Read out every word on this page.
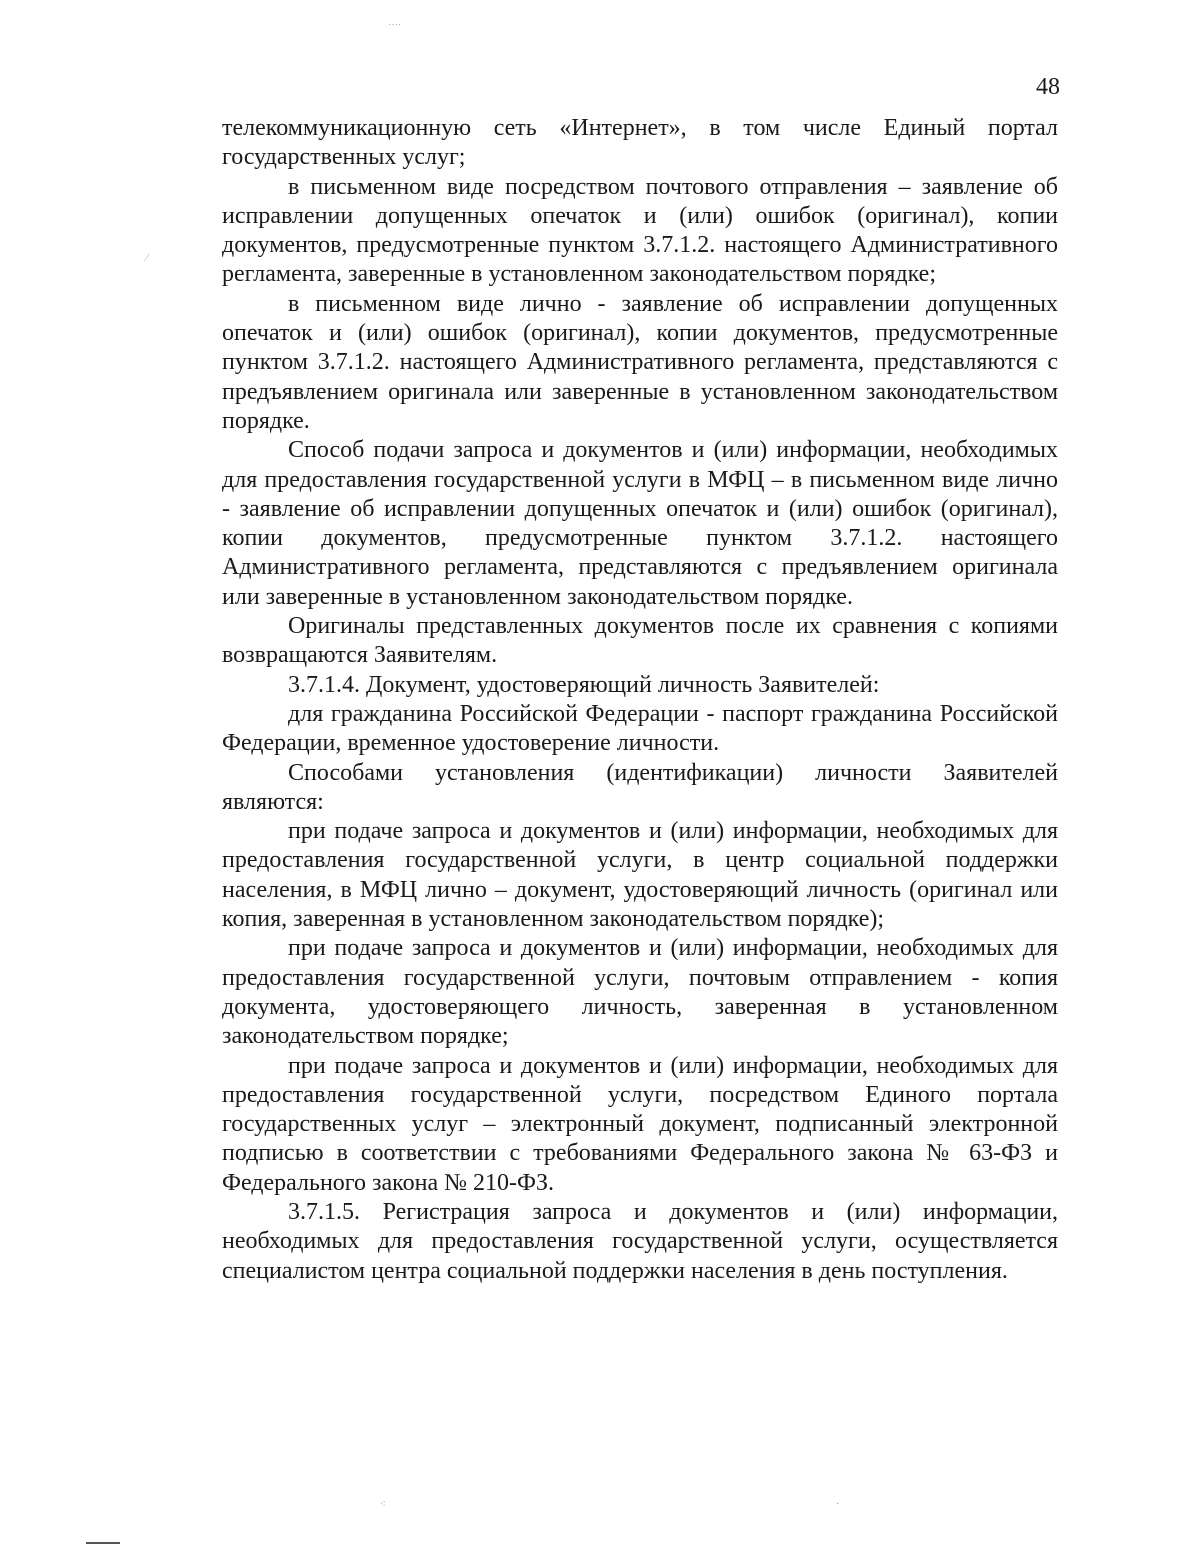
˙˙˙˙
⁄
⁖	·
48

телекоммуникационную сеть «Интернет», в том числе Единый портал государственных услуг;

в письменном виде посредством почтового отправления – заявление об исправлении допущенных опечаток и (или) ошибок (оригинал), копии документов, предусмотренные пунктом 3.7.1.2. настоящего Административного регламента, заверенные в установленном законодательством порядке;

в письменном виде лично - заявление об исправлении допущенных опечаток и (или) ошибок (оригинал), копии документов, предусмотренные пунктом 3.7.1.2. настоящего Административного регламента, представляются с предъявлением оригинала или заверенные в установленном законодательством порядке.

Способ подачи запроса и документов и (или) информации, необходимых для предоставления государственной услуги в МФЦ – в письменном виде лично - заявление об исправлении допущенных опечаток и (или) ошибок (оригинал), копии документов, предусмотренные пунктом 3.7.1.2. настоящего Административного регламента, представляются с предъявлением оригинала или заверенные в установленном законодательством порядке.

Оригиналы представленных документов после их сравнения с копиями возвращаются Заявителям.

3.7.1.4. Документ, удостоверяющий личность Заявителей:

для гражданина Российской Федерации - паспорт гражданина Российской Федерации, временное удостоверение личности.

Способами установления (идентификации) личности Заявителей являются:

при подаче запроса и документов и (или) информации, необходимых для предоставления государственной услуги, в центр социальной поддержки населения, в МФЦ лично – документ, удостоверяющий личность (оригинал или копия, заверенная в установленном законодательством порядке);

при подаче запроса и документов и (или) информации, необходимых для предоставления государственной услуги, почтовым отправлением - копия документа, удостоверяющего личность, заверенная в установленном законодательством порядке;

при подаче запроса и документов и (или) информации, необходимых для предоставления государственной услуги, посредством Единого портала государственных услуг – электронный документ, подписанный электронной подписью в соответствии с требованиями Федерального закона № 63-ФЗ и Федерального закона № 210-ФЗ.

3.7.1.5. Регистрация запроса и документов и (или) информации, необходимых для предоставления государственной услуги, осуществляется специалистом центра социальной поддержки населения в день поступления.
